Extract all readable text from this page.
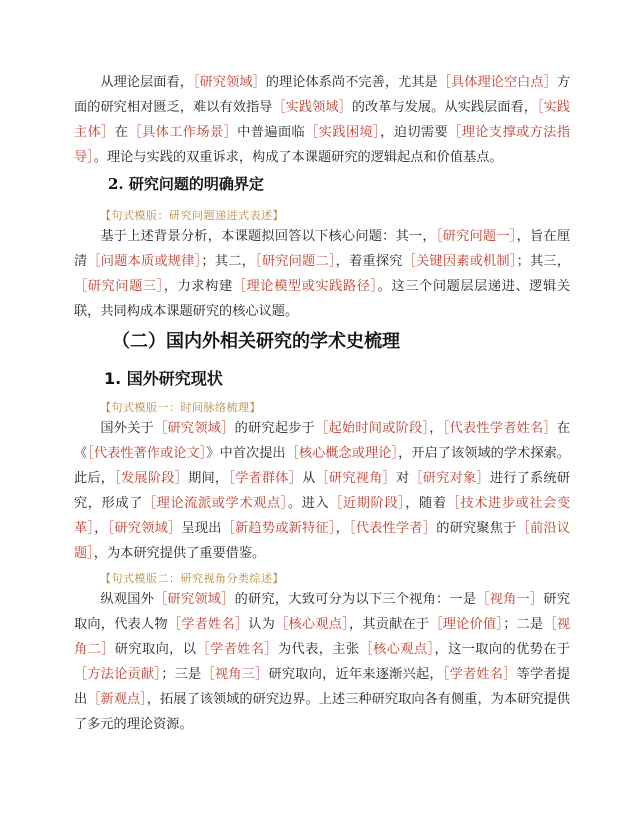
从理论层面看，［研究领域］的理论体系尚不完善，尤其是［具体理论空白点］方面的研究相对匮乏，难以有效指导［实践领域］的改革与发展。从实践层面看，［实践主体］在［具体工作场景］中普遍面临［实践困境］，迫切需要［理论支撑或方法指导］。理论与实践的双重诉求，构成了本课题研究的逻辑起点和价值基点。

2. 研究问题的明确界定
【句式模版：研究问题递进式表述】

基于上述背景分析，本课题拟回答以下核心问题：其一，［研究问题一］，旨在厘清［问题本质或规律］；其二，［研究问题二］，着重探究［关键因素或机制］；其三，［研究问题三］，力求构建［理论模型或实践路径］。这三个问题层层递进、逻辑关联，共同构成本课题研究的核心议题。

（二）国内外相关研究的学术史梳理
1. 国外研究现状
【句式模版一：时间脉络梳理】

国外关于［研究领域］的研究起步于［起始时间或阶段］，［代表性学者姓名］在《［代表性著作或论文］》中首次提出［核心概念或理论］，开启了该领域的学术探索。此后，［发展阶段］期间，［学者群体］从［研究视角］对［研究对象］进行了系统研究，形成了［理论流派或学术观点］。进入［近期阶段］，随着［技术进步或社会变革］，［研究领域］呈现出［新趋势或新特征］，［代表性学者］的研究聚焦于［前沿议题］，为本研究提供了重要借鉴。

【句式模版二：研究视角分类综述】

纵观国外［研究领域］的研究，大致可分为以下三个视角：一是［视角一］研究取向，代表人物［学者姓名］认为［核心观点］，其贡献在于［理论价值］；二是［视角二］研究取向，以［学者姓名］为代表，主张［核心观点］，这一取向的优势在于［方法论贡献］；三是［视角三］研究取向，近年来逐渐兴起，［学者姓名］等学者提出［新观点］，拓展了该领域的研究边界。上述三种研究取向各有侧重，为本研究提供了多元的理论资源。
